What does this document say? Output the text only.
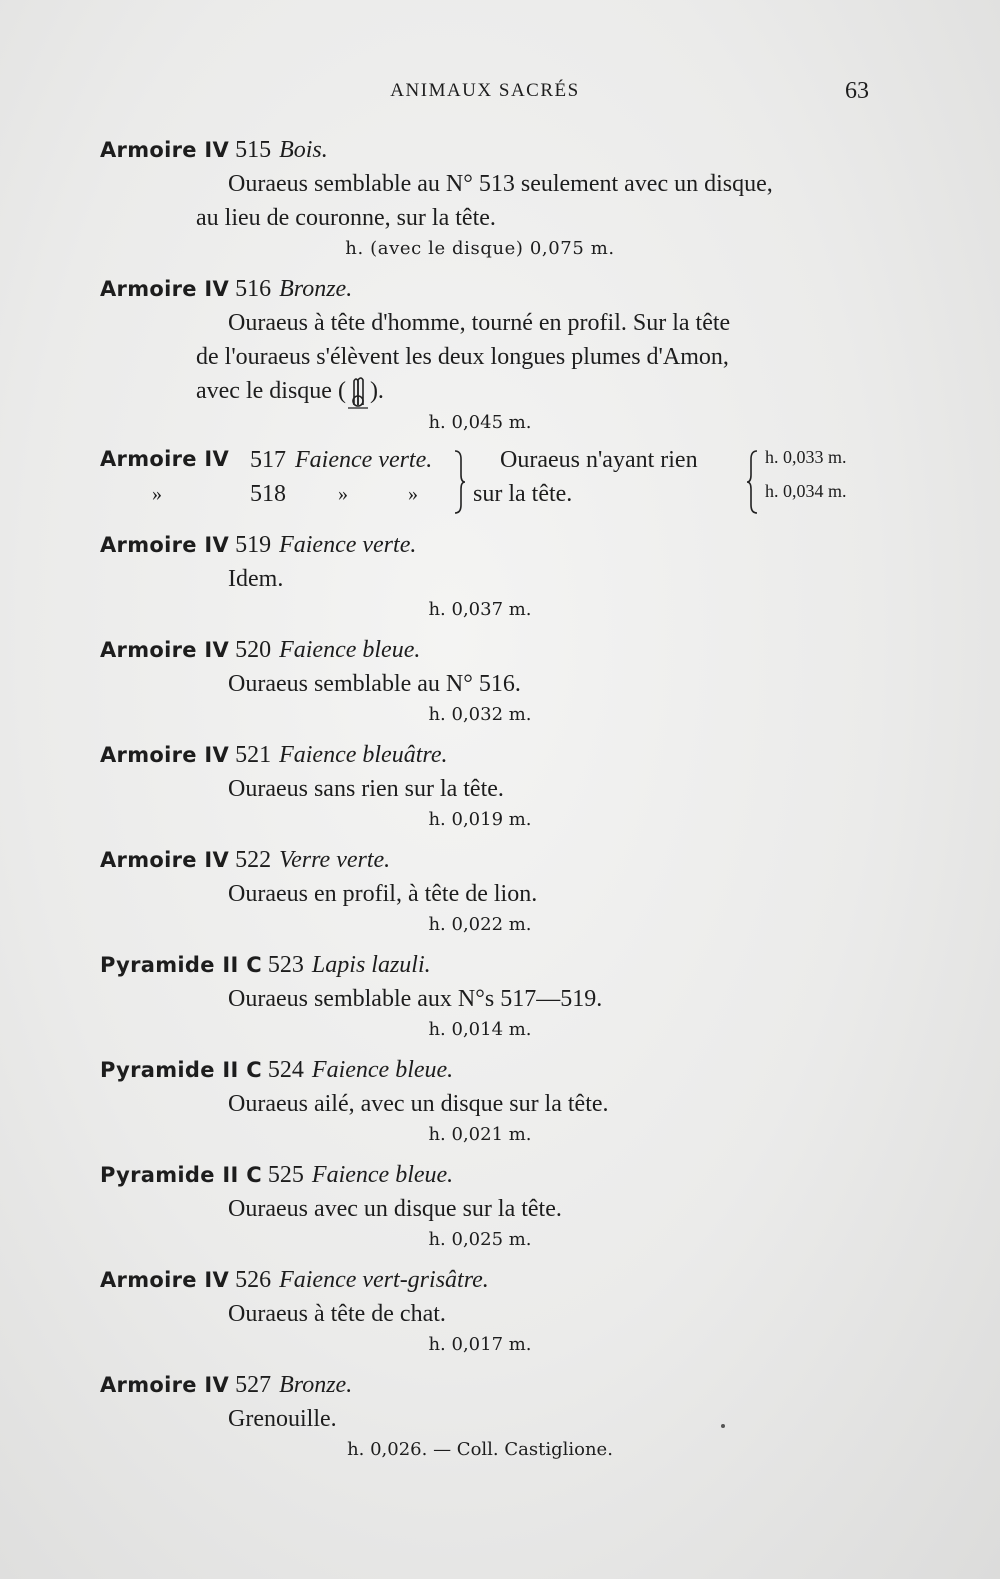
ANIMAUX SACRÉS	63
Armoire IV 515 Bois.
Ouraeus semblable au N° 513 seulement avec un disque,
au lieu de couronne, sur la tête.
h. (avec le disque) 0,075 m.
Armoire IV 516 Bronze.
Ouraeus à tête d'homme, tourné en profil. Sur la tête
de l'ouraeus s'élèvent les deux longues plumes d'Amon,
avec le disque ( ).
h. 0,045 m.
Armoire IV 517 Faience verte.	Ouraeus n'ayant rien	h. 0,033 m.
»	518	»	» sur la tête.	h. 0,034 m.
Armoire IV 519 Faience verte.
Idem.
h. 0,037 m.
Armoire IV 520 Faience bleue.
Ouraeus semblable au N° 516.
h. 0,032 m.
Armoire IV 521 Faience bleuâtre.
Ouraeus sans rien sur la tête.
h. 0,019 m.
Armoire IV 522 Verre verte.
Ouraeus en profil, à tête de lion.
h. 0,022 m.
Pyramide II C 523 Lapis lazuli.
Ouraeus semblable aux N°s 517—519.
h. 0,014 m.
Pyramide II C 524 Faience bleue.
Ouraeus ailé, avec un disque sur la tête.
h. 0,021 m.
Pyramide II C 525 Faience bleue.
Ouraeus avec un disque sur la tête.
h. 0,025 m.
Armoire IV 526 Faience vert-grisâtre.
Ouraeus à tête de chat.
h. 0,017 m.
Armoire IV 527 Bronze.
Grenouille.
h. 0,026. — Coll. Castiglione.
